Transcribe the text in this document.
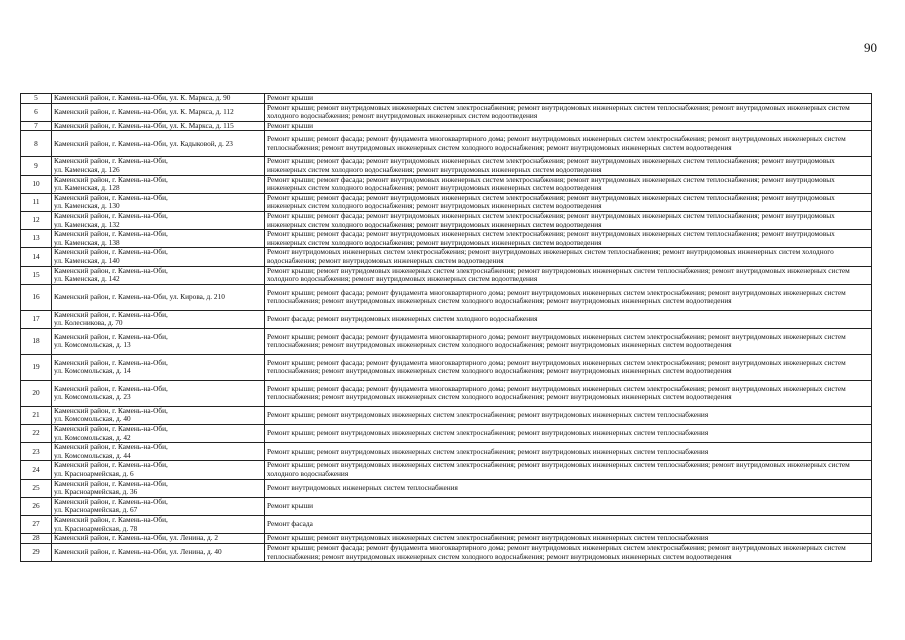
90
5	Каменский район, г. Камень-на-Оби, ул. К. Маркса, д. 90	Ремонт крыши
6	Каменский район, г. Камень-на-Оби, ул. К. Маркса, д. 112	Ремонт крыши; ремонт внутридомовых инженерных систем электроснабжения; ремонт внутридомовых инженерных систем теплоснабжения; ремонт внутридомовых инженерных систем холодного водоснабжения; ремонт внутридомовых инженерных систем водоотведения
7	Каменский район, г. Камень-на-Оби, ул. К. Маркса, д. 115	Ремонт крыши
8	Каменский район, г. Камень-на-Оби, ул. Кадыковой, д. 23	Ремонт крыши; ремонт фасада; ремонт фундамента многоквартирного дома; ремонт внутридомовых инженерных систем электроснабжения; ремонт внутридомовых инженерных систем теплоснабжения; ремонт внутридомовых инженерных систем холодного водоснабжения; ремонт внутридомовых инженерных систем водоотведения
9	Каменский район, г. Камень-на-Оби,
ул. Каменская, д. 126	Ремонт крыши; ремонт фасада; ремонт внутридомовых инженерных систем электроснабжения; ремонт внутридомовых инженерных систем теплоснабжения; ремонт внутридомовых инженерных систем холодного водоснабжения; ремонт внутридомовых инженерных систем водоотведения
10	Каменский район, г. Камень-на-Оби,
ул. Каменская, д. 128	Ремонт крыши; ремонт фасада; ремонт внутридомовых инженерных систем электроснабжения; ремонт внутридомовых инженерных систем теплоснабжения; ремонт внутридомовых инженерных систем холодного водоснабжения; ремонт внутридомовых инженерных систем водоотведения
11	Каменский район, г. Камень-на-Оби,
ул. Каменская, д. 130	Ремонт крыши; ремонт фасада; ремонт внутридомовых инженерных систем электроснабжения; ремонт внутридомовых инженерных систем теплоснабжения; ремонт внутридомовых инженерных систем холодного водоснабжения; ремонт внутридомовых инженерных систем водоотведения
12	Каменский район, г. Камень-на-Оби,
ул. Каменская, д. 132	Ремонт крыши; ремонт фасада; ремонт внутридомовых инженерных систем электроснабжения; ремонт внутридомовых инженерных систем теплоснабжения; ремонт внутридомовых инженерных систем холодного водоснабжения; ремонт внутридомовых инженерных систем водоотведения
13	Каменский район, г. Камень-на-Оби,
ул. Каменская, д. 138	Ремонт крыши; ремонт фасада; ремонт внутридомовых инженерных систем электроснабжения; ремонт внутридомовых инженерных систем теплоснабжения; ремонт внутридомовых инженерных систем холодного водоснабжения; ремонт внутридомовых инженерных систем водоотведения
14	Каменский район, г. Камень-на-Оби,
ул. Каменская, д. 140	Ремонт внутридомовых инженерных систем электроснабжения; ремонт внутридомовых инженерных систем теплоснабжения; ремонт внутридомовых инженерных систем холодного водоснабжения; ремонт внутридомовых инженерных систем водоотведения
15	Каменский район, г. Камень-на-Оби,
ул. Каменская, д. 142	Ремонт крыши; ремонт внутридомовых инженерных систем электроснабжения; ремонт внутридомовых инженерных систем теплоснабжения; ремонт внутридомовых инженерных систем холодного водоснабжения; ремонт внутридомовых инженерных систем водоотведения
16	Каменский район, г. Камень-на-Оби, ул. Кирова, д. 210	Ремонт крыши; ремонт фасада; ремонт фундамента многоквартирного дома; ремонт внутридомовых инженерных систем электроснабжения; ремонт внутридомовых инженерных систем теплоснабжения; ремонт внутридомовых инженерных систем холодного водоснабжения; ремонт внутридомовых инженерных систем водоотведения
17	Каменский район, г. Камень-на-Оби,
ул. Колесникова, д. 70	Ремонт фасада; ремонт внутридомовых инженерных систем холодного водоснабжения
18	Каменский район, г. Камень-на-Оби,
ул. Комсомольская, д. 13	Ремонт крыши; ремонт фасада; ремонт фундамента многоквартирного дома; ремонт внутридомовых инженерных систем электроснабжения; ремонт внутридомовых инженерных систем теплоснабжения; ремонт внутридомовых инженерных систем холодного водоснабжения; ремонт внутридомовых инженерных систем водоотведения
19	Каменский район, г. Камень-на-Оби,
ул. Комсомольская, д. 14	Ремонт крыши; ремонт фасада; ремонт фундамента многоквартирного дома; ремонт внутридомовых инженерных систем электроснабжения; ремонт внутридомовых инженерных систем теплоснабжения; ремонт внутридомовых инженерных систем холодного водоснабжения; ремонт внутридомовых инженерных систем водоотведения
20	Каменский район, г. Камень-на-Оби,
ул. Комсомольская, д. 23	Ремонт крыши; ремонт фасада; ремонт фундамента многоквартирного дома; ремонт внутридомовых инженерных систем электроснабжения; ремонт внутридомовых инженерных систем теплоснабжения; ремонт внутридомовых инженерных систем холодного водоснабжения; ремонт внутридомовых инженерных систем водоотведения
21	Каменский район, г. Камень-на-Оби,
ул. Комсомольская, д. 40	Ремонт крыши; ремонт внутридомовых инженерных систем электроснабжения; ремонт внутридомовых инженерных систем теплоснабжения
22	Каменский район, г. Камень-на-Оби,
ул. Комсомольская, д. 42	Ремонт крыши; ремонт внутридомовых инженерных систем электроснабжения; ремонт внутридомовых инженерных систем теплоснабжения
23	Каменский район, г. Камень-на-Оби,
ул. Комсомольская, д. 44	Ремонт крыши; ремонт внутридомовых инженерных систем электроснабжения; ремонт внутридомовых инженерных систем теплоснабжения
24	Каменский район, г. Камень-на-Оби,
ул. Красноармейская, д. 6	Ремонт крыши; ремонт внутридомовых инженерных систем электроснабжения; ремонт внутридомовых инженерных систем теплоснабжения; ремонт внутридомовых инженерных систем холодного водоснабжения
25	Каменский район, г. Камень-на-Оби,
ул. Красноармейская, д. 36	Ремонт внутридомовых инженерных систем теплоснабжения
26	Каменский район, г. Камень-на-Оби,
ул. Красноармейская, д. 67	Ремонт крыши
27	Каменский район, г. Камень-на-Оби,
ул. Красноармейская, д. 78	Ремонт фасада
28	Каменский район, г. Камень-на-Оби, ул. Ленина, д. 2	Ремонт крыши; ремонт внутридомовых инженерных систем электроснабжения; ремонт внутридомовых инженерных систем теплоснабжения
29	Каменский район, г. Камень-на-Оби, ул. Ленина, д. 40	Ремонт крыши; ремонт фасада; ремонт фундамента многоквартирного дома; ремонт внутридомовых инженерных систем электроснабжения; ремонт внутридомовых инженерных систем теплоснабжения; ремонт внутридомовых инженерных систем холодного водоснабжения; ремонт внутридомовых инженерных систем водоотведения
